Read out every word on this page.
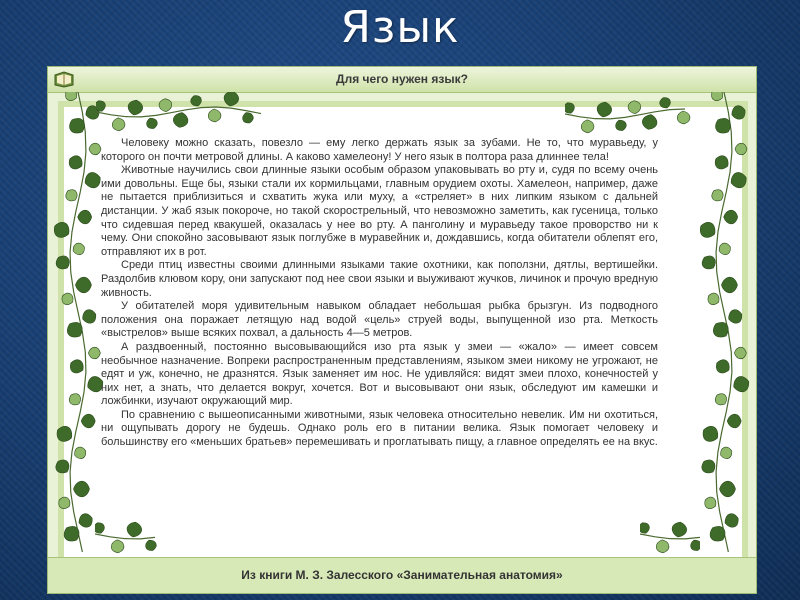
Язык
Для чего нужен язык?
Из книги М. З. Залесского «Занимательная анатомия»

Человеку можно сказать, повезло — ему легко держать язык за зубами. Не то, что муравьеду, у которого он почти метровой длины. А каково хамелеону! У него язык в полтора раза длиннее тела!

Животные научились свои длинные языки особым образом упаковывать во рту и, судя по всему очень ими довольны. Еще бы, языки стали их кормильцами, главным орудием охоты. Хамелеон, например, даже не пытается приблизиться и схватить жука или муху, а «стреляет» в них липким языком с дальней дистанции. У жаб язык покороче, но такой скорострельный, что невозможно заметить, как гусеница, только что сидевшая перед квакушей, оказалась у нее во рту. А панголину и муравьеду такое проворство ни к чему. Они спокойно засовывают язык поглубже в муравейник и, дождавшись, когда обитатели облепят его, отправляют их в рот.

Среди птиц известны своими длинными языками такие охотники, как поползни, дятлы, вертишейки. Раздолбив клювом кору, они запускают под нее свои языки и выуживают жучков, личинок и прочую вредную живность.

У обитателей моря удивительным навыком обладает небольшая рыбка брызгун. Из подводного положения она поражает летящую над водой «цель» струей воды, выпущенной изо рта. Меткость «выстрелов» выше всяких похвал, а дальность 4—5 метров.

А раздвоенный, постоянно высовывающийся изо рта язык у змеи — «жало» — имеет совсем необычное назначение. Вопреки распространенным представлениям, языком змеи никому не угрожают, не едят и уж, конечно, не дразнятся. Язык заменяет им нос. Не удивляйся: видят змеи плохо, конечностей у них нет, а знать, что делается вокруг, хочется. Вот и высовывают они язык, обследуют им камешки и ложбинки, изучают окружающий мир.

По сравнению с вышеописанными животными, язык человека относительно невелик. Им ни охотиться, ни ощупывать дорогу не будешь. Однако роль его в питании велика. Язык помогает человеку и большинству его «меньших братьев» перемешивать и проглатывать пищу, а главное определять ее на вкус.
